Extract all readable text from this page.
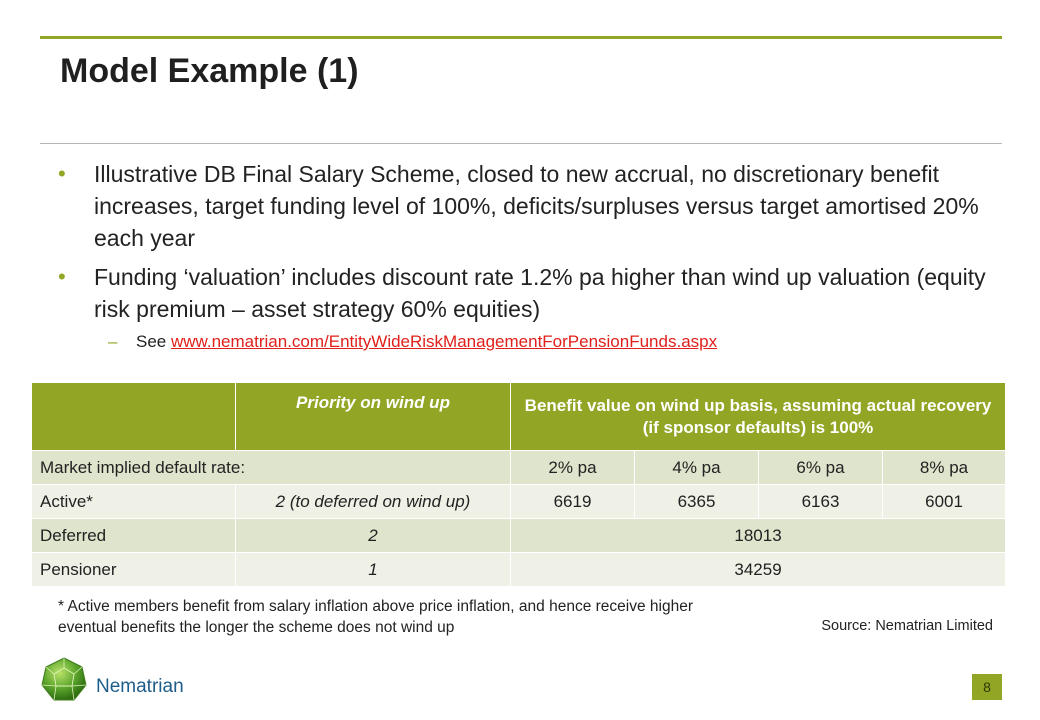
Model Example (1)
• Illustrative DB Final Salary Scheme, closed to new accrual, no discretionary benefit increases, target funding level of 100%, deficits/surpluses versus target amortised 20% each year
• Funding ‘valuation’ includes discount rate 1.2% pa higher than wind up valuation (equity risk premium – asset strategy 60% equities)
– See www.nematrian.com/EntityWideRiskManagementForPensionFunds.aspx
	Priority on wind up	Benefit value on wind up basis, assuming actual recovery (if sponsor defaults) is 100%			
Market implied default rate:		2% pa	4% pa	6% pa	8% pa
Active*	2 (to deferred on wind up)	6619	6365	6163	6001
Deferred	2	18013			
Pensioner	1	34259			
* Active members benefit from salary inflation above price inflation, and hence receive higher eventual benefits the longer the scheme does not wind up	Source: Nematrian Limited
Nematrian	8
